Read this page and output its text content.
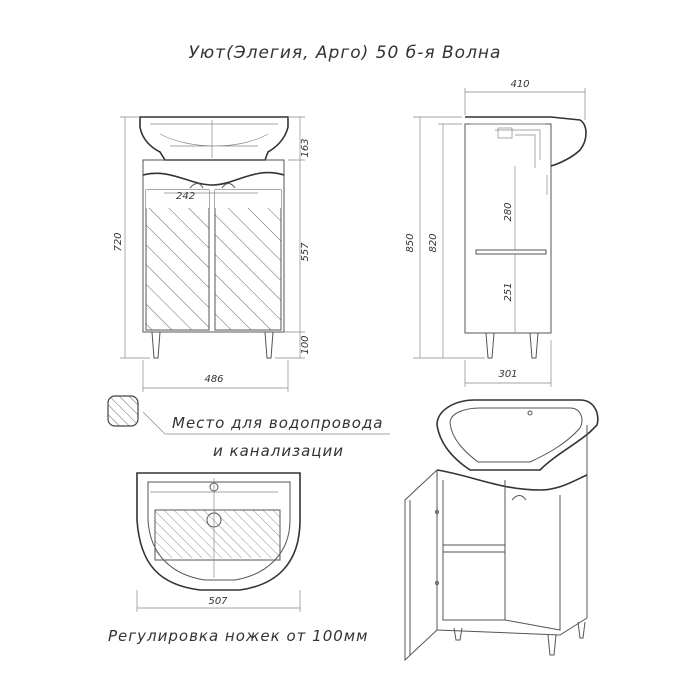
Уют(Элегия, Арго) 50 б-я Волна
242
720
163
557
100
486
280
251
410
850 820
301
Место для водопровода
и канализации
507
Регулировка ножек от 100мм
